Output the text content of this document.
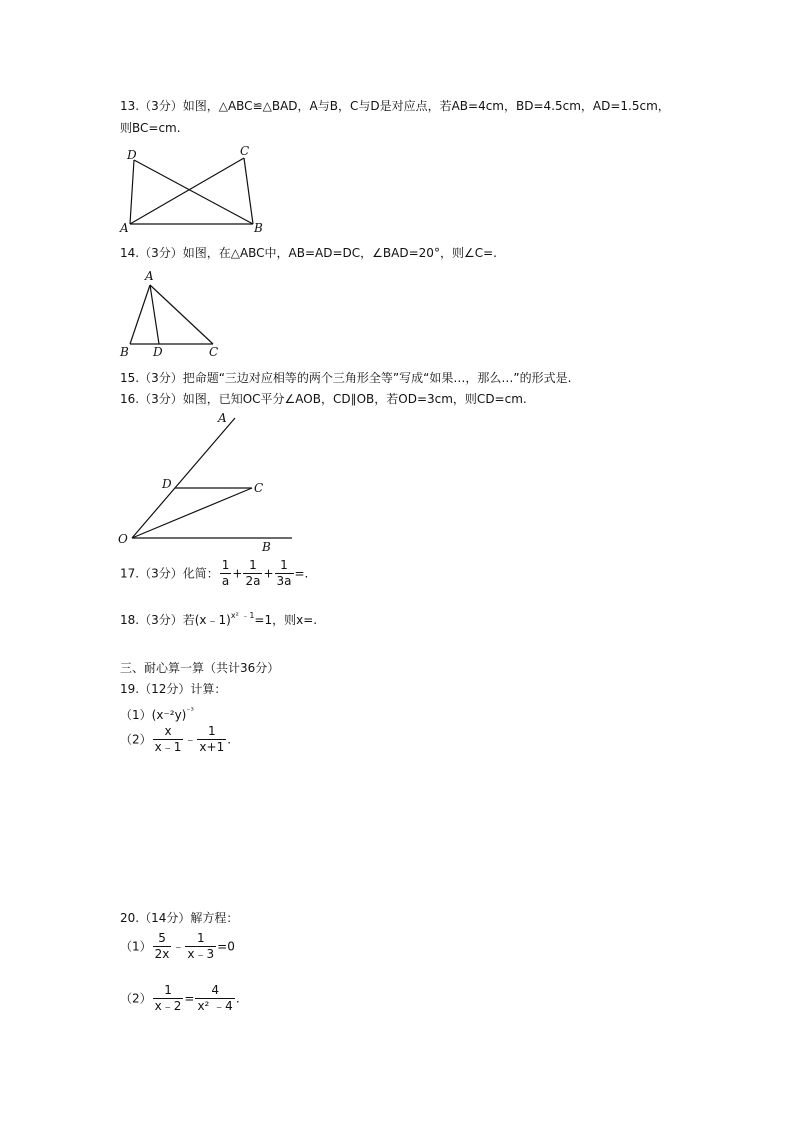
13.（3分）如图，△ABC≌△BAD，A与B，C与D是对应点，若AB=4cm，BD=4.5cm，AD=1.5cm，
则BC=cm.
D	C
A	B
14.（3分）如图，在△ABC中，AB=AD=DC，∠BAD=20°，则∠C=.
A
B D	C
15.（3分）把命题“三边对应相等的两个三角形全等”写成“如果…，那么…”的形式是.
16.（3分）如图，已知OC平分∠AOB，CD∥OB，若OD=3cm，则CD=cm.
A
D	C
O
B
17.（3分）化简： $\frac{1}{a} + \frac{1}{2a} + \frac{1}{3a}$ =.
18.（3分）若(x﹣1)$^{x^2 ﹣1}$=1，则x=.
三、耐心算一算（共计36分）
19.（12分）计算：
$(1)(x^{-2}y)^{^{-3}}$
$(2) \frac{x}{x﹣1}$ ﹣ $\frac{1}{x+1}$ .
20.（14分）解方程：
$(1) \frac{5}{2x}$ ﹣ $\frac{1}{x﹣3} =0$
$(2) \frac{1}{x﹣2} = \frac{4}{\text{x² ﹣4}}$ .
